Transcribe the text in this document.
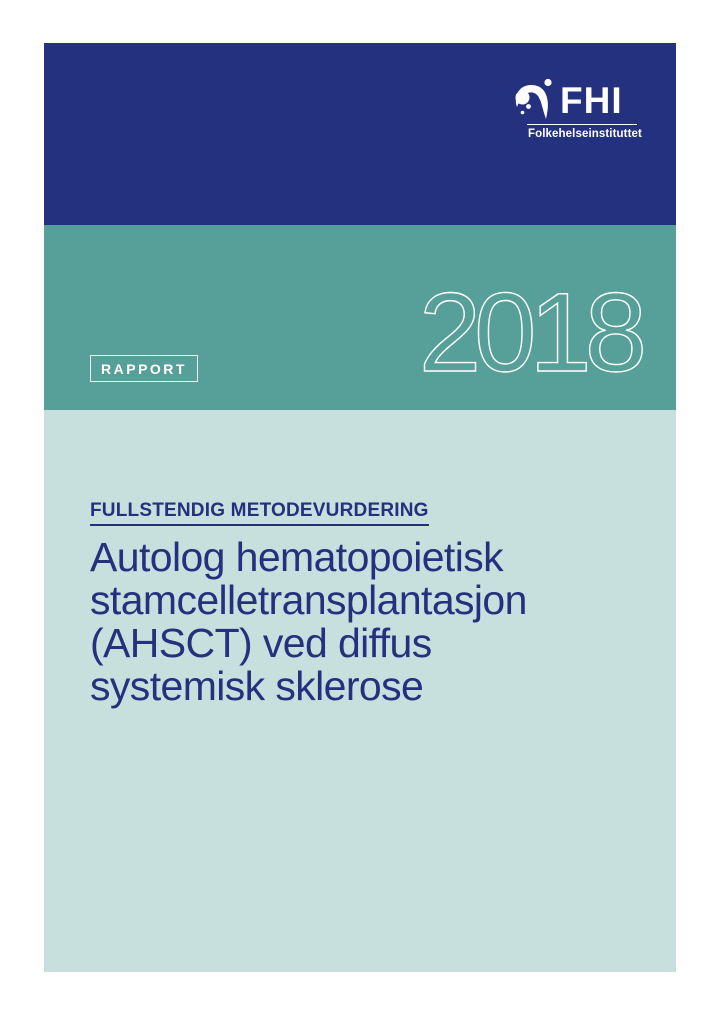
FHI
Folkehelseinstituttet
2018
RAPPORT
FULLSTENDIG METODEVURDERING
Autolog hematopoietisk
stamcelletransplantasjon
(AHSCT) ved diffus
systemisk sklerose
